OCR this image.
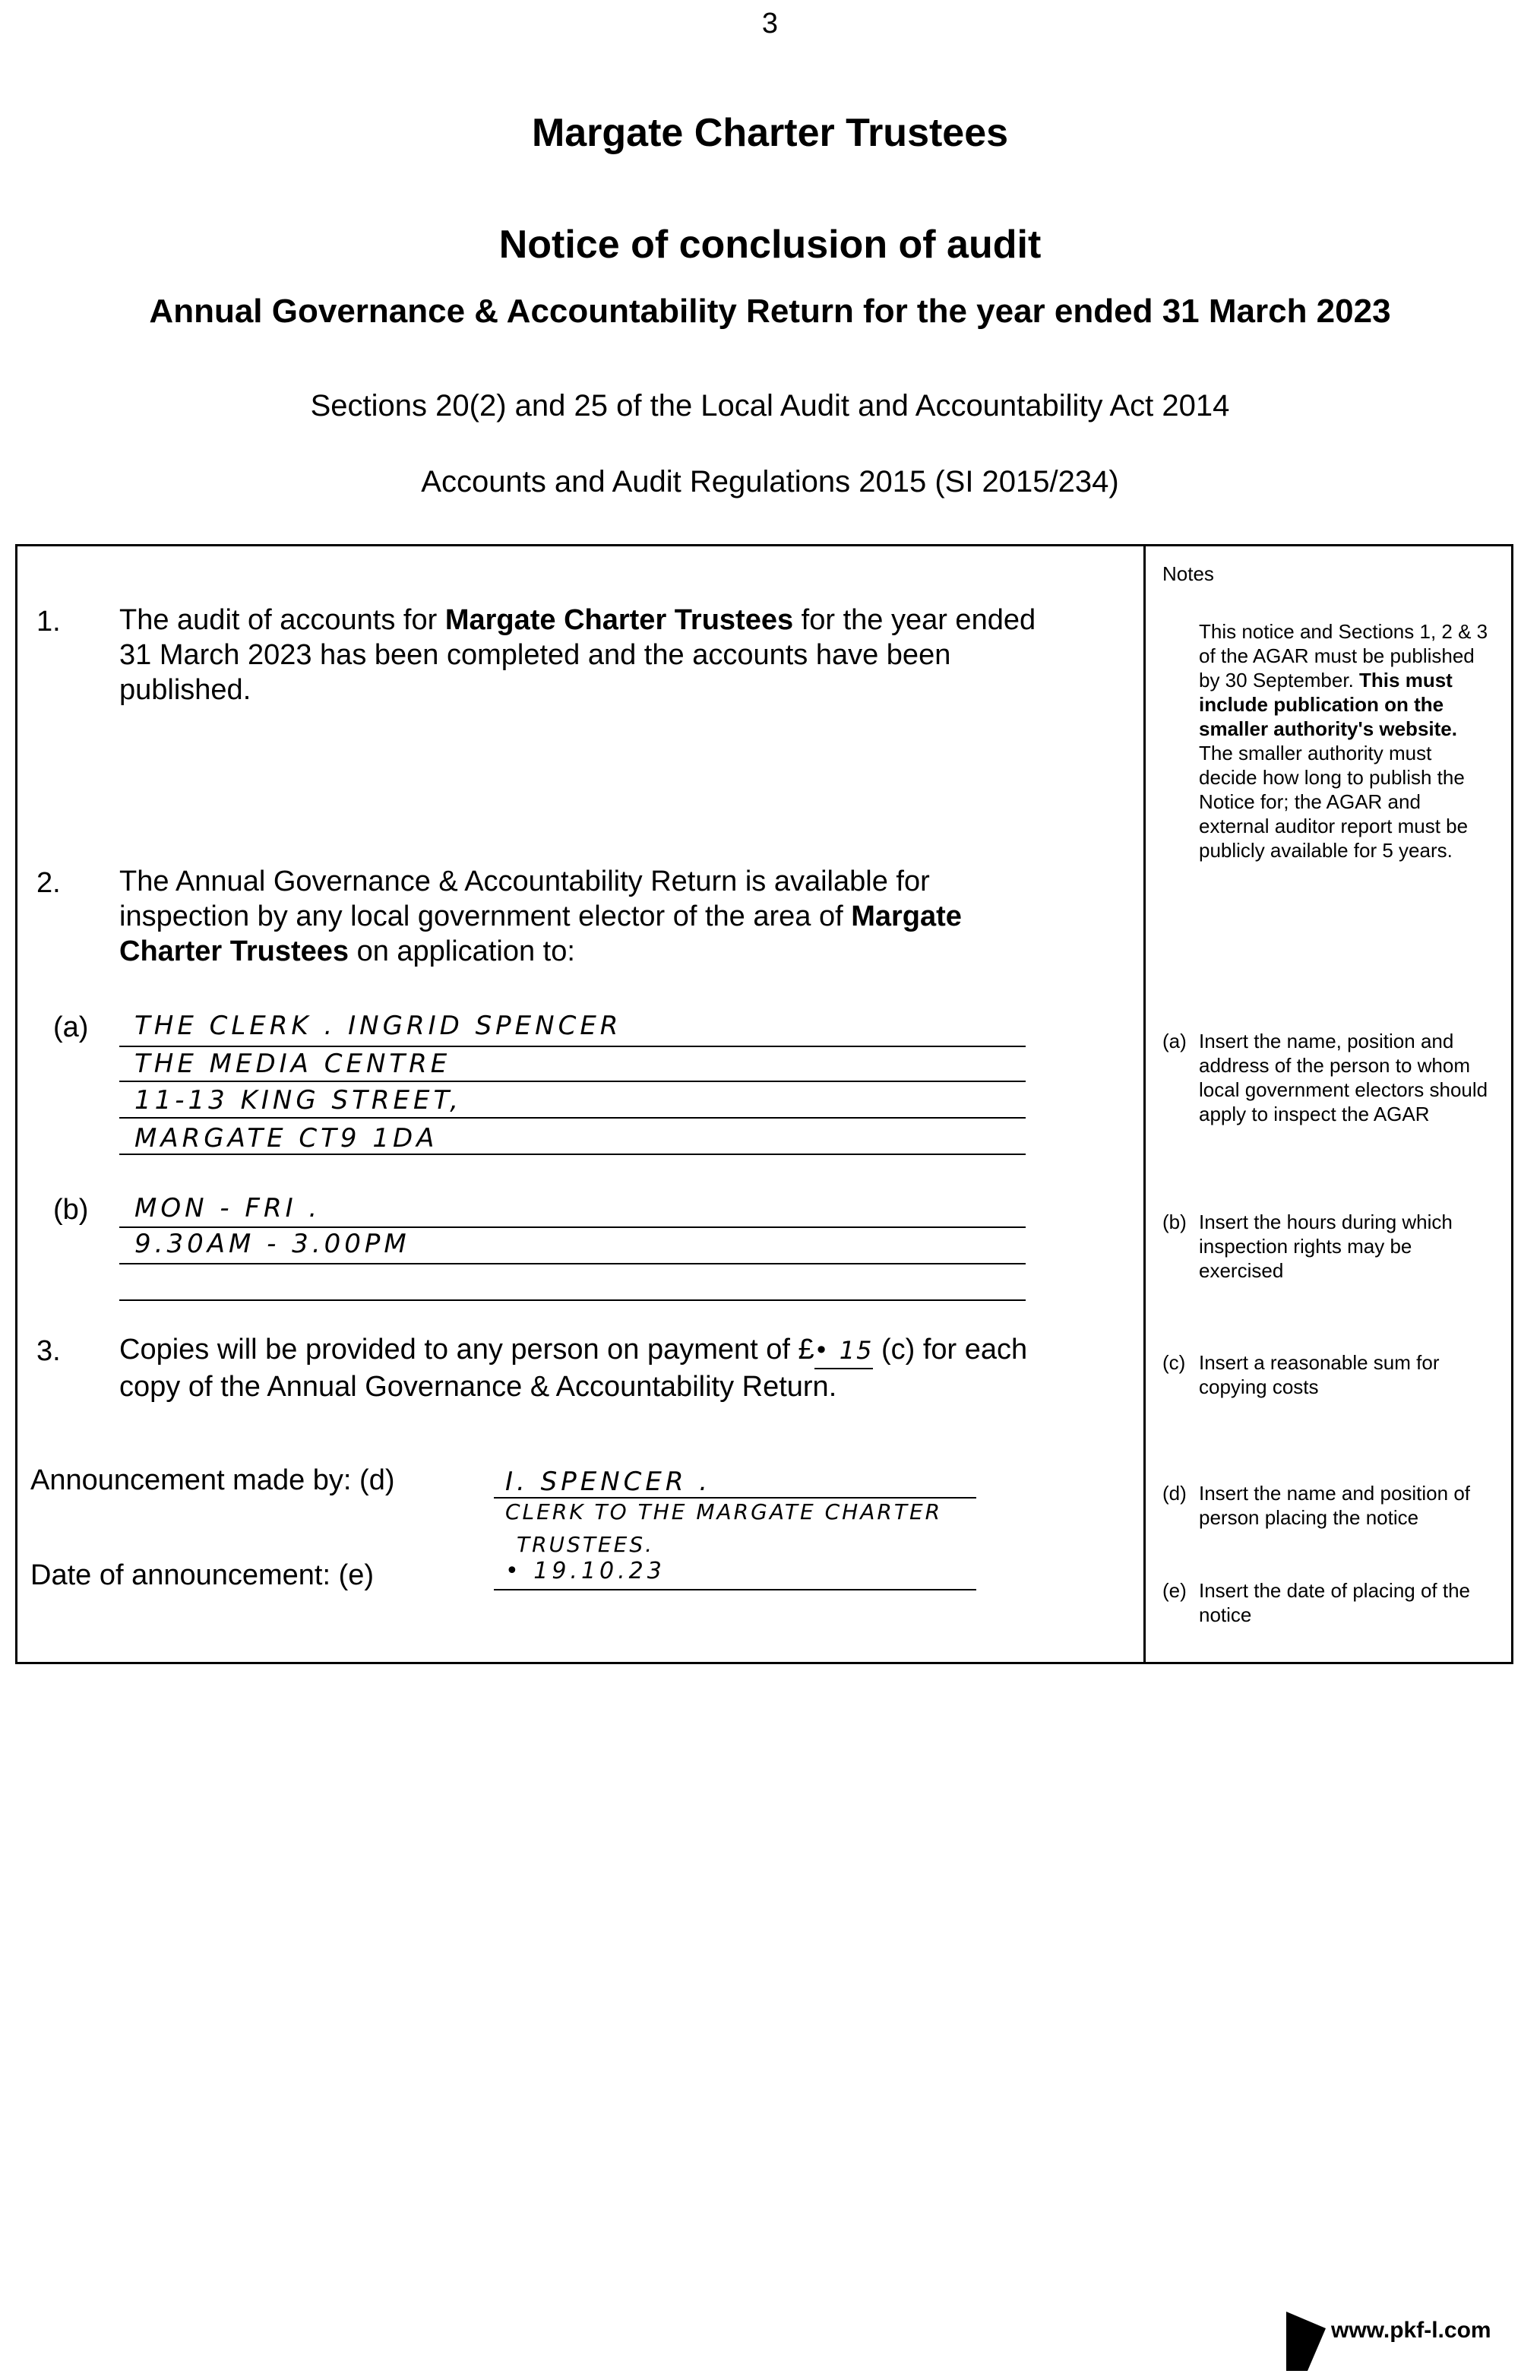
3
Margate Charter Trustees
Notice of conclusion of audit
Annual Governance & Accountability Return for the year ended 31 March 2023
Sections 20(2) and 25 of the Local Audit and Accountability Act 2014
Accounts and Audit Regulations 2015 (SI 2015/234)
Notes
1. The audit of accounts for Margate Charter Trustees for the year ended
31 March 2023 has been completed and the accounts have been
published.
2. The Annual Governance & Accountability Return is available for
inspection by any local government elector of the area of Margate
Charter Trustees on application to:
(a) THE CLERK . INGRID SPENCER
THE MEDIA CENTRE
11-13 KING STREET,
MARGATE CT9 1DA
(b) MON - FRI .
9.30AM - 3.00PM
3. Copies will be provided to any person on payment of £• 15 (c) for each
copy of the Annual Governance & Accountability Return.
Announcement made by: (d)	I. SPENCER .
CLERK TO THE MARGATE CHARTER
TRUSTEES.
Date of announcement: (e)	• 19.10.23
This notice and Sections 1, 2 & 3
of the AGAR must be published
by 30 September. This must
include publication on the
smaller authority's website.
The smaller authority must
decide how long to publish the
Notice for; the AGAR and
external auditor report must be
publicly available for 5 years.
(a) Insert the name, position and
address of the person to whom
local government electors should
apply to inspect the AGAR
(b) Insert the hours during which
inspection rights may be
exercised
(c) Insert a reasonable sum for
copying costs
(d) Insert the name and position of
person placing the notice
(e) Insert the date of placing of the
notice
www.pkf-l.com
